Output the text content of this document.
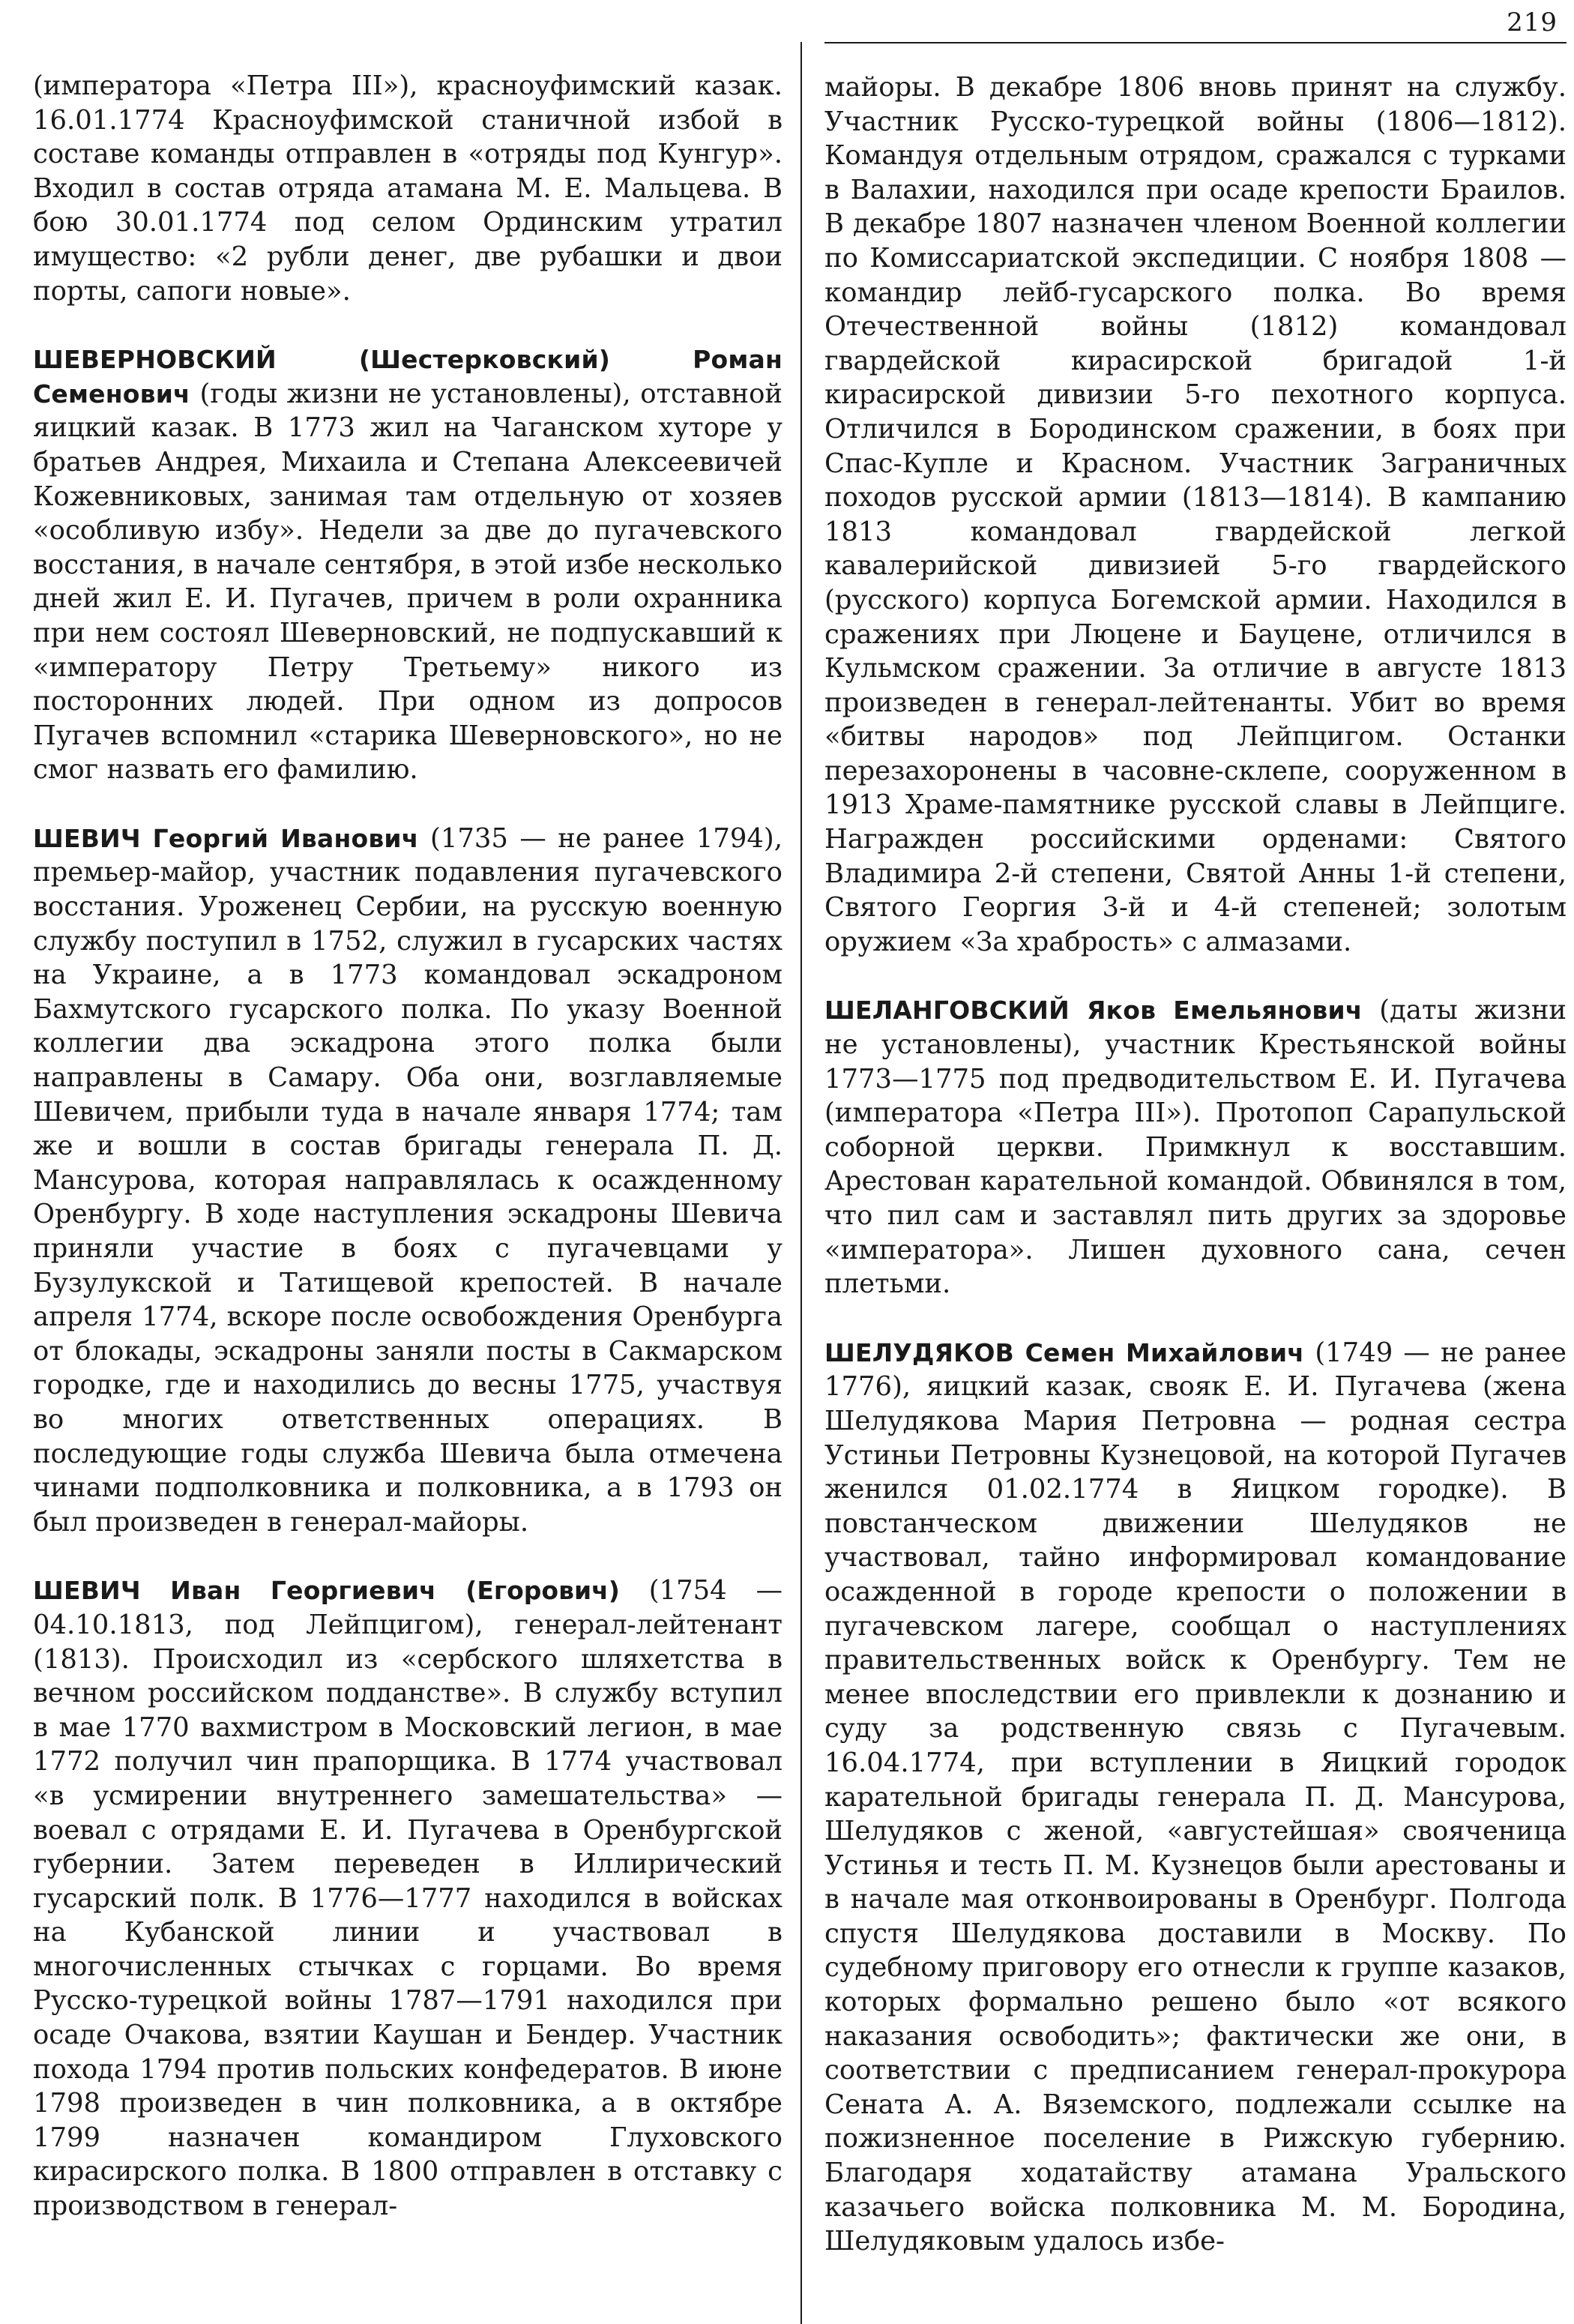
219

(императора «Петра III»), красноуфимский казак. 16.01.1774 Красноуфимской станичной избой в составе команды отправлен в «отряды под Кунгур». Входил в состав отряда атамана М. Е. Мальцева. В бою 30.01.1774 под селом Ординским утратил имущество: «2 рубли денег, две рубашки и двои порты, сапоги новые».

ШЕВЕРНОВСКИЙ (Шестерковский) Роман Семенович (годы жизни не установлены), отставной яицкий казак. В 1773 жил на Чаганском хуторе у братьев Андрея, Михаила и Степана Алексеевичей Кожевниковых, занимая там отдельную от хозяев «особливую избу». Недели за две до пугачевского восстания, в начале сентября, в этой избе несколько дней жил Е. И. Пугачев, причем в роли охранника при нем состоял Шеверновский, не подпускавший к «императору Петру Третьему» никого из посторонних людей. При одном из допросов Пугачев вспомнил «старика Шеверновского», но не смог назвать его фамилию.

ШЕВИЧ Георгий Иванович (1735 — не ранее 1794), премьер-майор, участник подавления пугачевского восстания. Уроженец Сербии, на русскую военную службу поступил в 1752, служил в гусарских частях на Украине, а в 1773 командовал эскадроном Бахмутского гусарского полка. По указу Военной коллегии два эскадрона этого полка были направлены в Самару. Оба они, возглавляемые Шевичем, прибыли туда в начале января 1774; там же и вошли в состав бригады генерала П. Д. Мансурова, которая направлялась к осажденному Оренбургу. В ходе наступления эскадроны Шевича приняли участие в боях с пугачевцами у Бузулукской и Татищевой крепостей. В начале апреля 1774, вскоре после освобождения Оренбурга от блокады, эскадроны заняли посты в Сакмарском городке, где и находились до весны 1775, участвуя во многих ответственных операциях. В последующие годы служба Шевича была отмечена чинами подполковника и полковника, а в 1793 он был произведен в генерал-майоры.

ШЕВИЧ Иван Георгиевич (Егорович) (1754 — 04.10.1813, под Лейпцигом), генерал-лейтенант (1813). Происходил из «сербского шляхетства в вечном российском подданстве». В службу вступил в мае 1770 вахмистром в Московский легион, в мае 1772 получил чин прапорщика. В 1774 участвовал «в усмирении внутреннего замешательства» — воевал с отрядами Е. И. Пугачева в Оренбургской губернии. Затем переведен в Иллирический гусарский полк. В 1776—1777 находился в войсках на Кубанской линии и участвовал в многочисленных стычках с горцами. Во время Русско-турецкой войны 1787—1791 находился при осаде Очакова, взятии Каушан и Бендер. Участник похода 1794 против польских конфедератов. В июне 1798 произведен в чин полковника, а в октябре 1799 назначен командиром Глуховского кирасирского полка. В 1800 отправлен в отставку с производством в генерал-

майоры. В декабре 1806 вновь принят на службу. Участник Русско-турецкой войны (1806—1812). Командуя отдельным отрядом, сражался с турками в Валахии, находился при осаде крепости Браилов. В декабре 1807 назначен членом Военной коллегии по Комиссариатской экспедиции. С ноября 1808 — командир лейб-гусарского полка. Во время Отечественной войны (1812) командовал гвардейской кирасирской бригадой 1-й кирасирской дивизии 5-го пехотного корпуса. Отличился в Бородинском сражении, в боях при Спас-Купле и Красном. Участник Заграничных походов русской армии (1813—1814). В кампанию 1813 командовал гвардейской легкой кавалерийской дивизией 5-го гвардейского (русского) корпуса Богемской армии. Находился в сражениях при Люцене и Бауцене, отличился в Кульмском сражении. За отличие в августе 1813 произведен в генерал-лейтенанты. Убит во время «битвы народов» под Лейпцигом. Останки перезахоронены в часовне-склепе, сооруженном в 1913 Храме-памятнике русской славы в Лейпциге. Награжден российскими орденами: Святого Владимира 2-й степени, Святой Анны 1-й степени, Святого Георгия 3-й и 4-й степеней; золотым оружием «За храбрость» с алмазами.

ШЕЛАНГОВСКИЙ Яков Емельянович (даты жизни не установлены), участник Крестьянской войны 1773—1775 под предводительством Е. И. Пугачева (императора «Петра III»). Протопоп Сарапульской соборной церкви. Примкнул к восставшим. Арестован карательной командой. Обвинялся в том, что пил сам и заставлял пить других за здоровье «императора». Лишен духовного сана, сечен плетьми.

ШЕЛУДЯКОВ Семен Михайлович (1749 — не ранее 1776), яицкий казак, свояк Е. И. Пугачева (жена Шелудякова Мария Петровна — родная сестра Устиньи Петровны Кузнецовой, на которой Пугачев женился 01.02.1774 в Яицком городке). В повстанческом движении Шелудяков не участвовал, тайно информировал командование осажденной в городе крепости о положении в пугачевском лагере, сообщал о наступлениях правительственных войск к Оренбургу. Тем не менее впоследствии его привлекли к дознанию и суду за родственную связь с Пугачевым. 16.04.1774, при вступлении в Яицкий городок карательной бригады генерала П. Д. Мансурова, Шелудяков с женой, «августейшая» свояченица Устинья и тесть П. М. Кузнецов были арестованы и в начале мая отконвоированы в Оренбург. Полгода спустя Шелудякова доставили в Москву. По судебному приговору его отнесли к группе казаков, которых формально решено было «от всякого наказания освободить»; фактически же они, в соответствии с предписанием генерал-прокурора Сената А. А. Вяземского, подлежали ссылке на пожизненное поселение в Рижскую губернию. Благодаря ходатайству атамана Уральского казачьего войска полковника М. М. Бородина, Шелудяковым удалось избе-
